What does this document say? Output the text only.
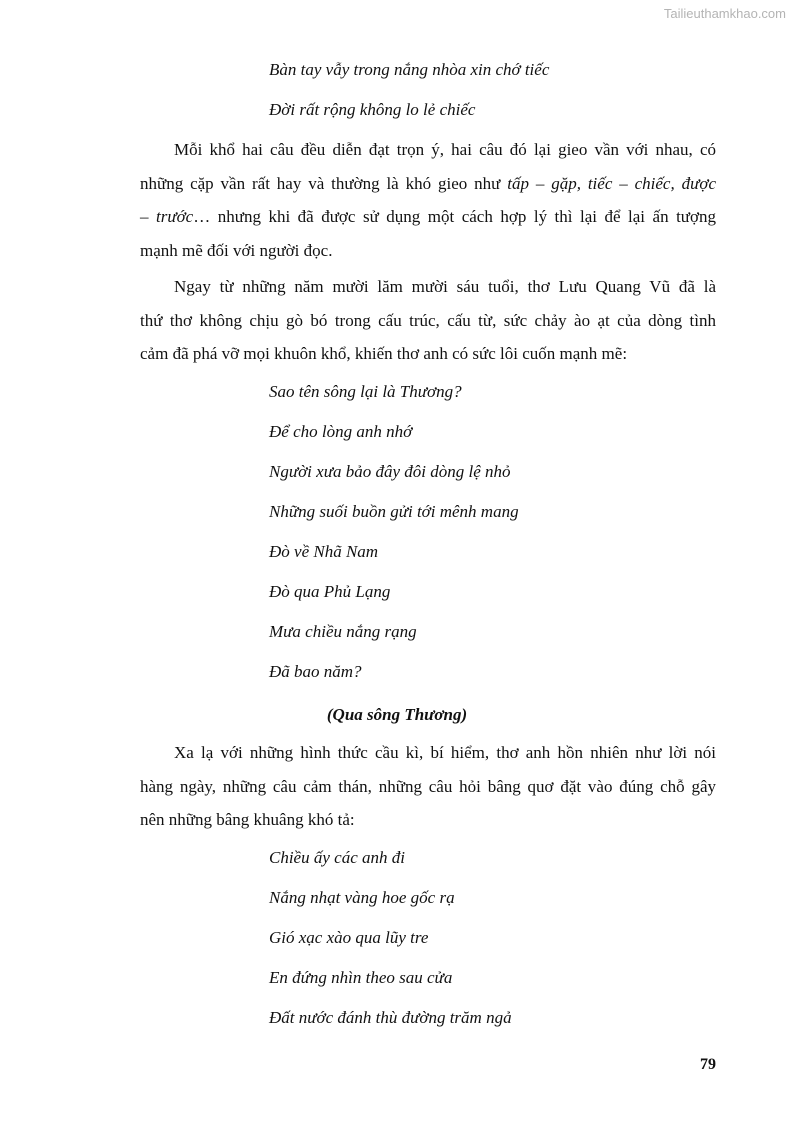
Tailieuthamkhao.com
Bàn tay vẫy trong nắng nhòa xin chớ tiếc
Đời rất rộng không lo lẻ chiếc
Mỗi khổ hai câu đều diễn đạt trọn ý, hai câu đó lại gieo vần với nhau, có
những cặp vần rất hay và thường là khó gieo như tấp – gặp, tiếc – chiếc, được
– trước… nhưng khi đã được sử dụng một cách hợp lý thì lại để lại ấn tượng
mạnh mẽ đối với người đọc.
Ngay từ những năm mười lăm mười sáu tuổi, thơ Lưu Quang Vũ đã là
thứ thơ không chịu gò bó trong cấu trúc, cấu từ, sức chảy ào ạt của dòng tình
cảm đã phá vỡ mọi khuôn khổ, khiến thơ anh có sức lôi cuốn mạnh mẽ:
Sao tên sông lại là Thương?
Để cho lòng anh nhớ
Người xưa bảo đây đôi dòng lệ nhỏ
Những suối buồn gửi tới mênh mang
Đò về Nhã Nam
Đò qua Phủ Lạng
Mưa chiều nắng rạng
Đã bao năm?
(Qua sông Thương)
Xa lạ với những hình thức cầu kì, bí hiểm, thơ anh hồn nhiên như lời nói
hàng ngày, những câu cảm thán, những câu hỏi bâng quơ đặt vào đúng chỗ gây
nên những bâng khuâng khó tả:
Chiều ấy các anh đi
Nắng nhạt vàng hoe gốc rạ
Gió xạc xào qua lũy tre
En đứng nhìn theo sau cửa
Đất nước đánh thù đường trăm ngả
79
